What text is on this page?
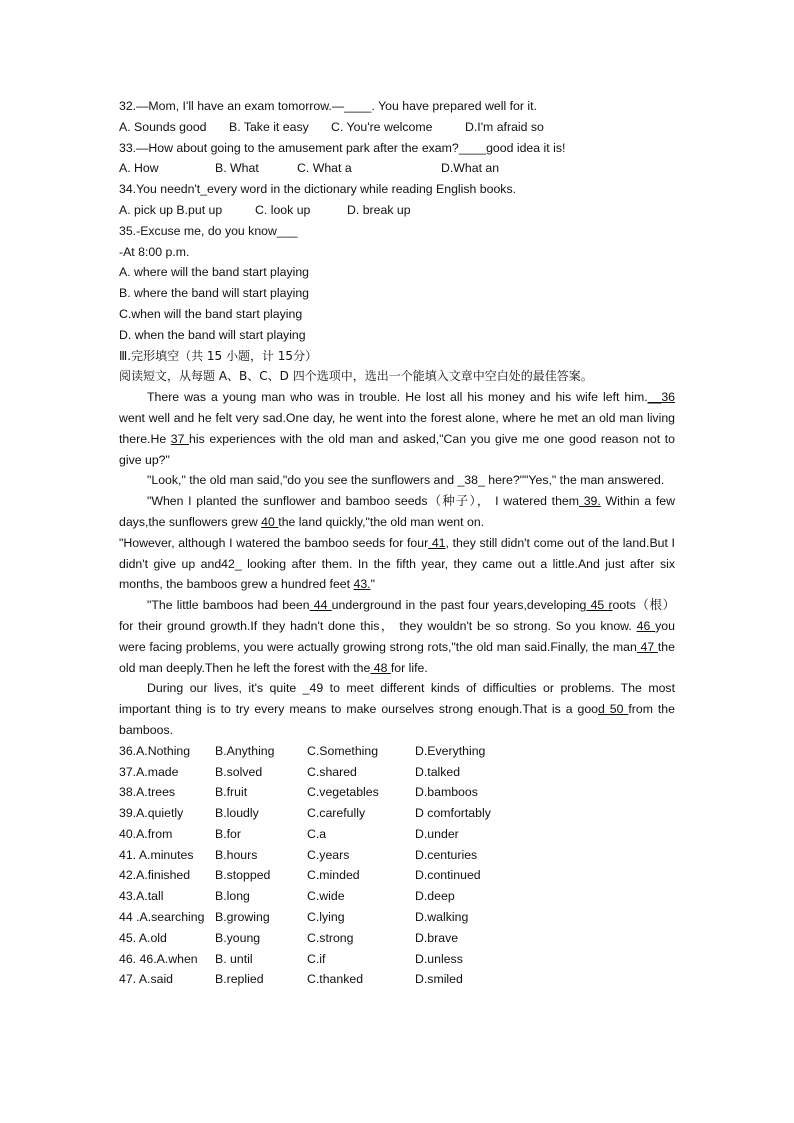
32.—Mom, I'll have an exam tomorrow.—____. You have prepared well for it.
A. Sounds good	B. Take it easy	C. You're welcome	D.I'm afraid so
33.—How about going to the amusement park after the exam?____good idea it is!
A. How	B. What	C. What a	D.What an
34.You needn't_every word in the dictionary while reading English books.
A. pick up B.put up	C. look up	D. break up
35.-Excuse me, do you know___
-At 8:00 p.m.
A. where will the band start playing
B. where the band will start playing
C.when will the band start playing
D. when the band will start playing
Ⅲ.完形填空（共 15 小题，计 15分）
阅读短文，从每题 A、B、C、D 四个选项中，选出一个能填入文章中空白处的最佳答案。
There was a young man who was in trouble. He lost all his money and his wife left him.__36 went well and he felt very sad.One day, he went into the forest alone, where he met an old man living there.He 37 his experiences with the old man and asked,"Can you give me one good reason not to give up?"
"Look," the old man said,"do you see the sunflowers and _38_ here?""Yes," the man answered.
"When I planted the sunflower and bamboo seeds（种子）， I watered them 39. Within a few days,the sunflowers grew 40 the land quickly,"the old man went on.
"However, although I watered the bamboo seeds for four 41, they still didn't come out of the land.But I didn't give up and42_ looking after them. In the fifth year, they came out a little.And just after six months, the bamboos grew a hundred feet 43."
"The little bamboos had been 44 underground in the past four years,developing 45 roots（根）for their ground growth.If they hadn't done this， they wouldn't be so strong. So you know. 46 you were facing problems, you were actually growing strong rots,"the old man said.Finally, the man 47 the old man deeply.Then he left the forest with the 48 for life.
During our lives, it's quite _49 to meet different kinds of difficulties or problems. The most important thing is to try every means to make ourselves strong enough.That is a good 50 from the bamboos.
36.A.Nothing	B.Anything	C.Something	D.Everything
37.A.made	B.solved	C.shared	D.talked
38.A.trees	B.fruit	C.vegetables	D.bamboos
39.A.quietly	B.loudly	C.carefully	D comfortably
40.A.from	B.for	C.a	D.under
41. A.minutes	B.hours	C.years	D.centuries
42.A.finished	B.stopped	C.minded	D.continued
43.A.tall	B.long	C.wide	D.deep
44 .A.searching B.growing	C.lying	D.walking
45. A.old	B.young	C.strong	D.brave
46. 46.A.when	B. until	C.if	D.unless
47. A.said	B.replied	C.thanked	D.smiled
